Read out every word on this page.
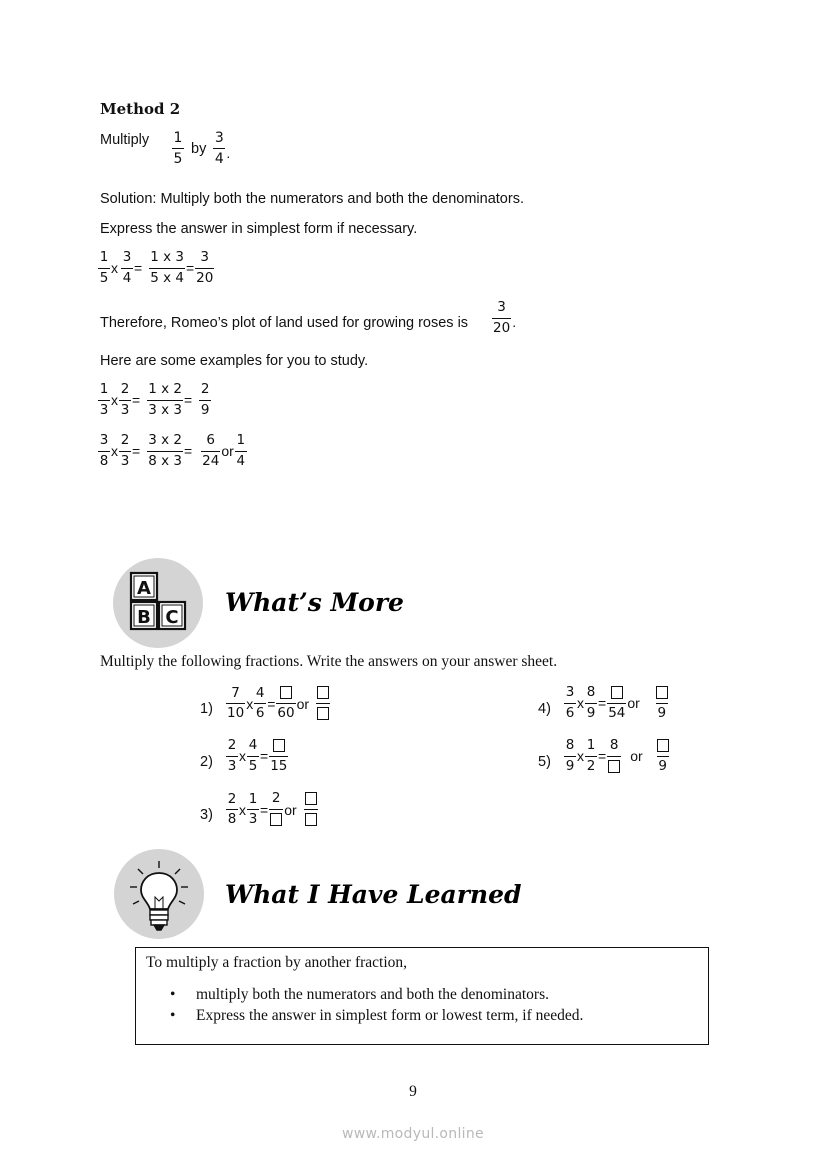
Method 2
Multiply $\frac{1}{5}$ by $\frac{3}{4}$ .
Solution: Multiply both the numerators and both the denominators.
Express the answer in simplest form if necessary.
$\frac{1}{5}$ x $\frac{3}{4} = \frac{1 x 3}{5 x 4} = \frac{3}{20}$
Therefore, Romeo’s plot of land used for growing roses is $\frac{3}{20}$ .
Here are some examples for you to study.
$\frac{1}{3}$ x $\frac{2}{3} = \frac{1 x 2}{3 x 3} = \frac{2}{9}$
$\frac{3}{8}$ x $\frac{2}{3} = \frac{3 x 2}{8 x 3} = \frac{6}{24}$ or $\frac{1}{4}$
A
B C
What’s More
Multiply the following fractions. Write the answers on your answer sheet.
$1) \frac{7}{10}$ x $\frac{4}{6}$ =
60
or
$2) \frac{2}{3}$ x $\frac{4}{5}$ =
15
$3) \frac{2}{8}$ x $\frac{1}{3}$ =
2
or
$4) \frac{3}{6}$ x $\frac{8}{9}$ =
54
or
9
$5) \frac{8}{9}$ x $\frac{1}{2}$ =
8
or
9
What I Have Learned
To multiply a fraction by another fraction,
• multiply both the numerators and both the denominators.
• Express the answer in simplest form or lowest term, if needed.
9
www.modyul.online
